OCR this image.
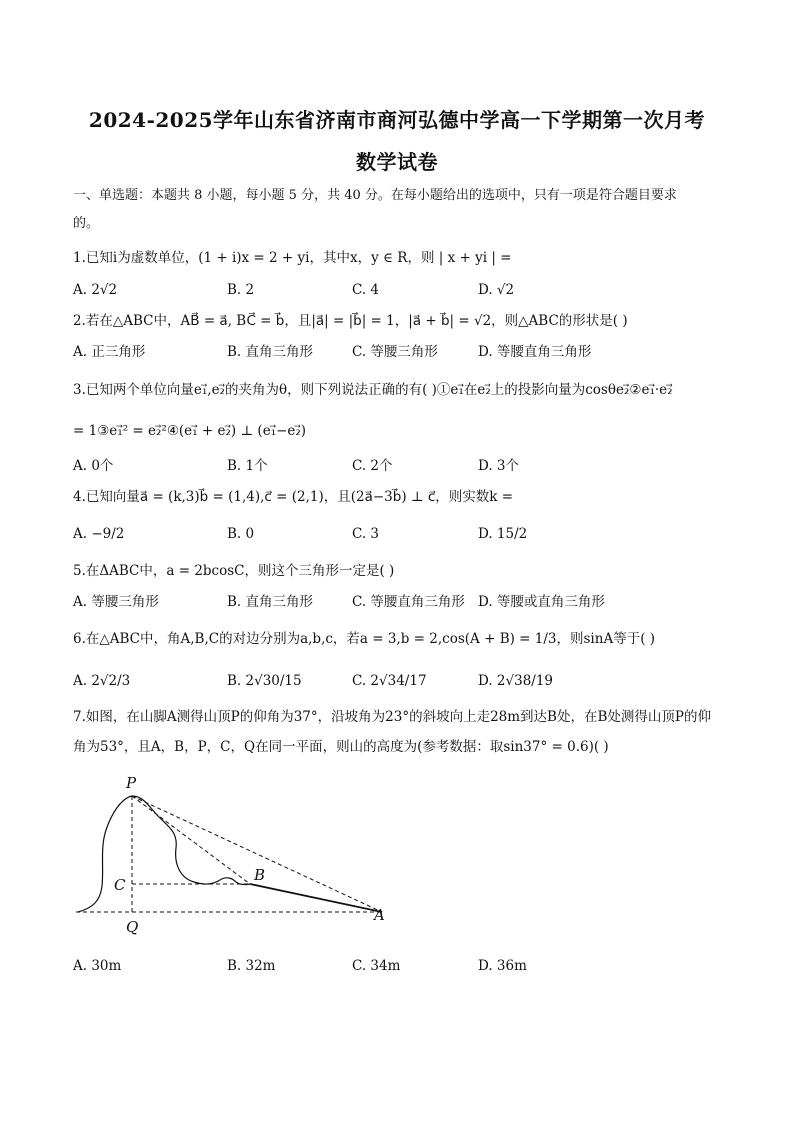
2024-2025学年山东省济南市商河弘德中学高一下学期第一次月考
数学试卷
一、单选题：本题共 8 小题，每小题 5 分，共 40 分。在每小题给出的选项中，只有一项是符合题目要求
的。
1.已知i为虚数单位，(1 + i)x = 2 + yi，其中x，y ∈ R，则 | x + yi | =
A. 2√2	B. 2	C. 4	D. √2
2.若在△ABC中，AB⃗ = a⃗, BC⃗ = b⃗，且|a⃗| = |b⃗| = 1，|a⃗ + b⃗| = √2，则△ABC的形状是( )
A. 正三角形	B. 直角三角形	C. 等腰三角形	D. 等腰直角三角形
3.已知两个单位向量e₁⃗,e₂⃗的夹角为θ，则下列说法正确的有( )①e₁⃗在e₂⃗上的投影向量为cosθe₂⃗②e₁⃗·e₂⃗
= 1③e₁⃗² = e₂⃗²④(e₁⃗ + e₂⃗) ⊥ (e₁⃗−e₂⃗)
A. 0个	B. 1个	C. 2个	D. 3个
4.已知向量a⃗ = (k,3)b⃗ = (1,4),c⃗ = (2,1)，且(2a⃗−3b⃗) ⊥ c⃗，则实数k =
A. −9/2	B. 0	C. 3	D. 15/2
5.在ΔABC中，a = 2bcosC，则这个三角形一定是( )
A. 等腰三角形	B. 直角三角形	C. 等腰直角三角形 D. 等腰或直角三角形
6.在△ABC中，角A,B,C的对边分别为a,b,c，若a = 3,b = 2,cos(A + B) = 1/3，则sinA等于( )
A. 2√2/3	B. 2√30/15	C. 2√34/17	D. 2√38/19
7.如图，在山脚A测得山顶P的仰角为37°，沿坡角为23°的斜坡向上走28m到达B处，在B处测得山顶P的仰
角为53°，且A，B，P，C，Q在同一平面，则山的高度为(参考数据：取sin37° = 0.6)( )
P
C
B
Q
A
A. 30m	B. 32m	C. 34m	D. 36m
